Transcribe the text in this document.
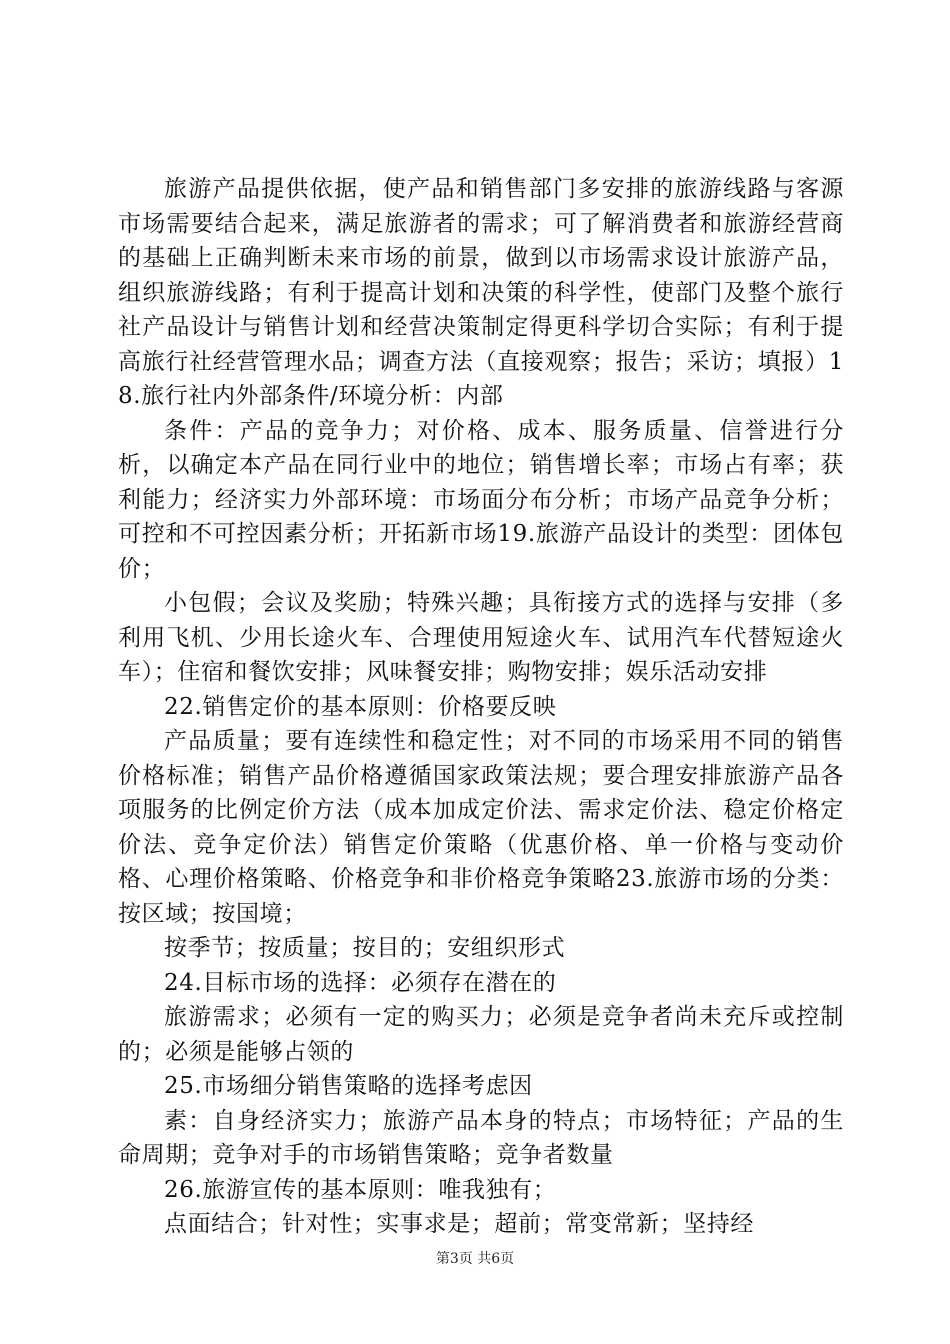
旅游产品提供依据，使产品和销售部门多安排的旅游线路与客源市场需要结合起来，满足旅游者的需求；可了解消费者和旅游经营商的基础上正确判断未来市场的前景，做到以市场需求设计旅游产品，组织旅游线路；有利于提高计划和决策的科学性，使部门及整个旅行社产品设计与销售计划和经营决策制定得更科学切合实际；有利于提高旅行社经营管理水品；调查方法（直接观察；报告；采访；填报）18.旅行社内外部条件/环境分析：内部

条件：产品的竞争力；对价格、成本、服务质量、信誉进行分析，以确定本产品在同行业中的地位；销售增长率；市场占有率；获利能力；经济实力外部环境：市场面分布分析；市场产品竞争分析；可控和不可控因素分析；开拓新市场19.旅游产品设计的类型：团体包价；

小包假；会议及奖励；特殊兴趣；具衔接方式的选择与安排（多利用飞机、少用长途火车、合理使用短途火车、试用汽车代替短途火车）；住宿和餐饮安排；风味餐安排；购物安排；娱乐活动安排

22.销售定价的基本原则：价格要反映

产品质量；要有连续性和稳定性；对不同的市场采用不同的销售价格标准；销售产品价格遵循国家政策法规；要合理安排旅游产品各项服务的比例定价方法（成本加成定价法、需求定价法、稳定价格定价法、竞争定价法）销售定价策略（优惠价格、单一价格与变动价格、心理价格策略、价格竞争和非价格竞争策略23.旅游市场的分类：按区域；按国境；

按季节；按质量；按目的；安组织形式

24.目标市场的选择：必须存在潜在的

旅游需求；必须有一定的购买力；必须是竞争者尚未充斥或控制的；必须是能够占领的

25.市场细分销售策略的选择考虑因

素：自身经济实力；旅游产品本身的特点；市场特征；产品的生命周期；竞争对手的市场销售策略；竞争者数量

26.旅游宣传的基本原则：唯我独有；

点面结合；针对性；实事求是；超前；常变常新；坚持经

第3页 共6页
